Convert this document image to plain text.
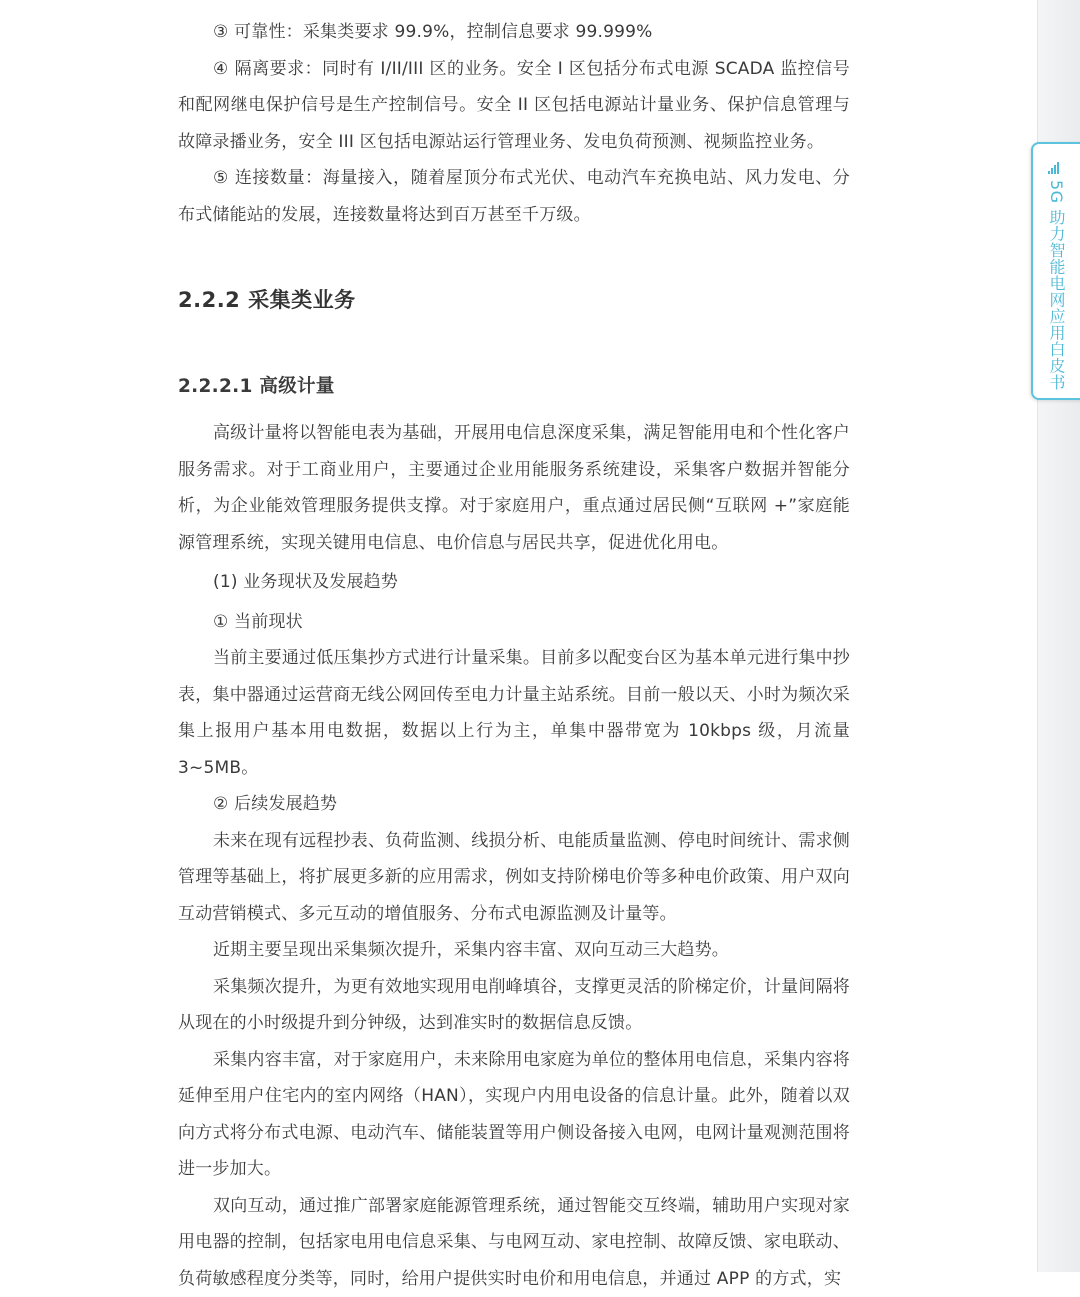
③ 可靠性：采集类要求 99.9%，控制信息要求 99.999%

④ 隔离要求：同时有 I/II/III 区的业务。安全 I 区包括分布式电源 SCADA 监控信号和配网继电保护信号是生产控制信号。安全 II 区包括电源站计量业务、保护信息管理与故障录播业务，安全 III 区包括电源站运行管理业务、发电负荷预测、视频监控业务。

⑤ 连接数量：海量接入，随着屋顶分布式光伏、电动汽车充换电站、风力发电、分布式储能站的发展，连接数量将达到百万甚至千万级。

2.2.2 采集类业务
2.2.2.1 高级计量

高级计量将以智能电表为基础，开展用电信息深度采集，满足智能用电和个性化客户服务需求。对于工商业用户，主要通过企业用能服务系统建设，采集客户数据并智能分析，为企业能效管理服务提供支撑。对于家庭用户，重点通过居民侧“互联网 +”家庭能源管理系统，实现关键用电信息、电价信息与居民共享，促进优化用电。

(1) 业务现状及发展趋势

① 当前现状

当前主要通过低压集抄方式进行计量采集。目前多以配变台区为基本单元进行集中抄表，集中器通过运营商无线公网回传至电力计量主站系统。目前一般以天、小时为频次采集上报用户基本用电数据，数据以上行为主，单集中器带宽为 10kbps 级，月流量 3~5MB。

② 后续发展趋势

未来在现有远程抄表、负荷监测、线损分析、电能质量监测、停电时间统计、需求侧管理等基础上，将扩展更多新的应用需求，例如支持阶梯电价等多种电价政策、用户双向互动营销模式、多元互动的增值服务、分布式电源监测及计量等。

近期主要呈现出采集频次提升，采集内容丰富、双向互动三大趋势。

采集频次提升，为更有效地实现用电削峰填谷，支撑更灵活的阶梯定价，计量间隔将从现在的小时级提升到分钟级，达到准实时的数据信息反馈。

采集内容丰富，对于家庭用户，未来除用电家庭为单位的整体用电信息，采集内容将延伸至用户住宅内的室内网络（HAN），实现户内用电设备的信息计量。此外，随着以双向方式将分布式电源、电动汽车、储能装置等用户侧设备接入电网，电网计量观测范围将进一步加大。

双向互动，通过推广部署家庭能源管理系统，通过智能交互终端，辅助用户实现对家用电器的控制，包括家电用电信息采集、与电网互动、家电控制、故障反馈、家电联动、负荷敏感程度分类等，同时，给用户提供实时电价和用电信息，并通过 APP 的方式，实

5G 助力智能电网应用白皮书
